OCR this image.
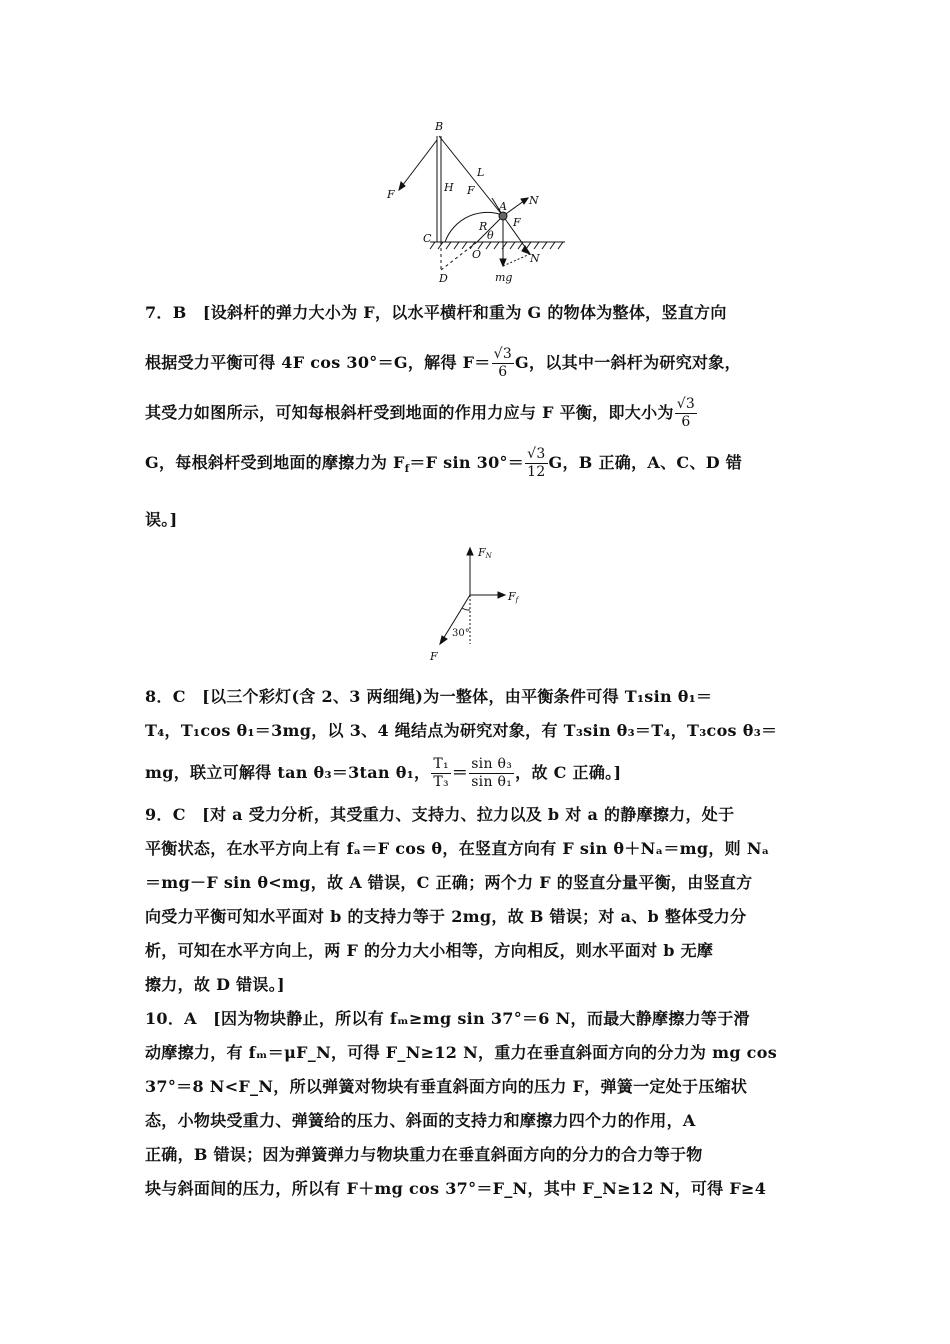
B
H
L
F	F
A N
R
θ
F
C
O
D	mg
N
7．B　[设斜杆的弹力大小为 F，以水平横杆和重为 G 的物体为整体，竖直方向
根据受力平衡可得 4F cos 30°＝G，解得 $F= \frac{√3}{6}$ G，以其中一斜杆为研究对象，
其受力如图所示，可知每根斜杆受到地面的作用力应与 F 平衡，即大小为 $\frac{√3}{6}$
G，每根斜杆受到地面的摩擦力为 $F_f=F$ $\sin 30^\circ= \frac{√3}{12}$ G，B 正确，A、C、D 错
误。]
FN
Ff
30°
F
8．C　[以三个彩灯(含 2、3 两细绳)为一整体，由平衡条件可得 T₁sin θ₁＝
T₄，T₁cos θ₁＝3mg，以 3、4 绳结点为研究对象，有 T₃sin θ₃＝T₄，T₃cos θ₃＝
mg，联立可解得 tan θ₃＝3tan θ₁， $\frac{\text{T₁}}{\text{T₃}} = \frac{\text{sin θ₃}}{\text{sin θ₁}}$ ，故 C 正确。]
9．C　[对 a 受力分析，其受重力、支持力、拉力以及 b 对 a 的静摩擦力，处于
平衡状态，在水平方向上有 fₐ＝F cos θ，在竖直方向有 F sin θ＋Nₐ＝mg，则 Nₐ
＝mg－F sin θ<mg，故 A 错误，C 正确；两个力 F 的竖直分量平衡，由竖直方
向受力平衡可知水平面对 b 的支持力等于 2mg，故 B 错误；对 a、b 整体受力分
析，可知在水平方向上，两 F 的分力大小相等，方向相反，则水平面对 b 无摩
擦力，故 D 错误。]
10．A　[因为物块静止，所以有 fₘ≥mg sin 37°＝6 N，而最大静摩擦力等于滑
动摩擦力，有 fₘ＝μF_N，可得 F_N≥12 N，重力在垂直斜面方向的分力为 mg cos
37°＝8 N<F_N，所以弹簧对物块有垂直斜面方向的压力 F，弹簧一定处于压缩状
态，小物块受重力、弹簧给的压力、斜面的支持力和摩擦力四个力的作用，A
正确，B 错误；因为弹簧弹力与物块重力在垂直斜面方向的分力的合力等于物
块与斜面间的压力，所以有 F＋mg cos 37°＝F_N，其中 F_N≥12 N，可得 F≥4
